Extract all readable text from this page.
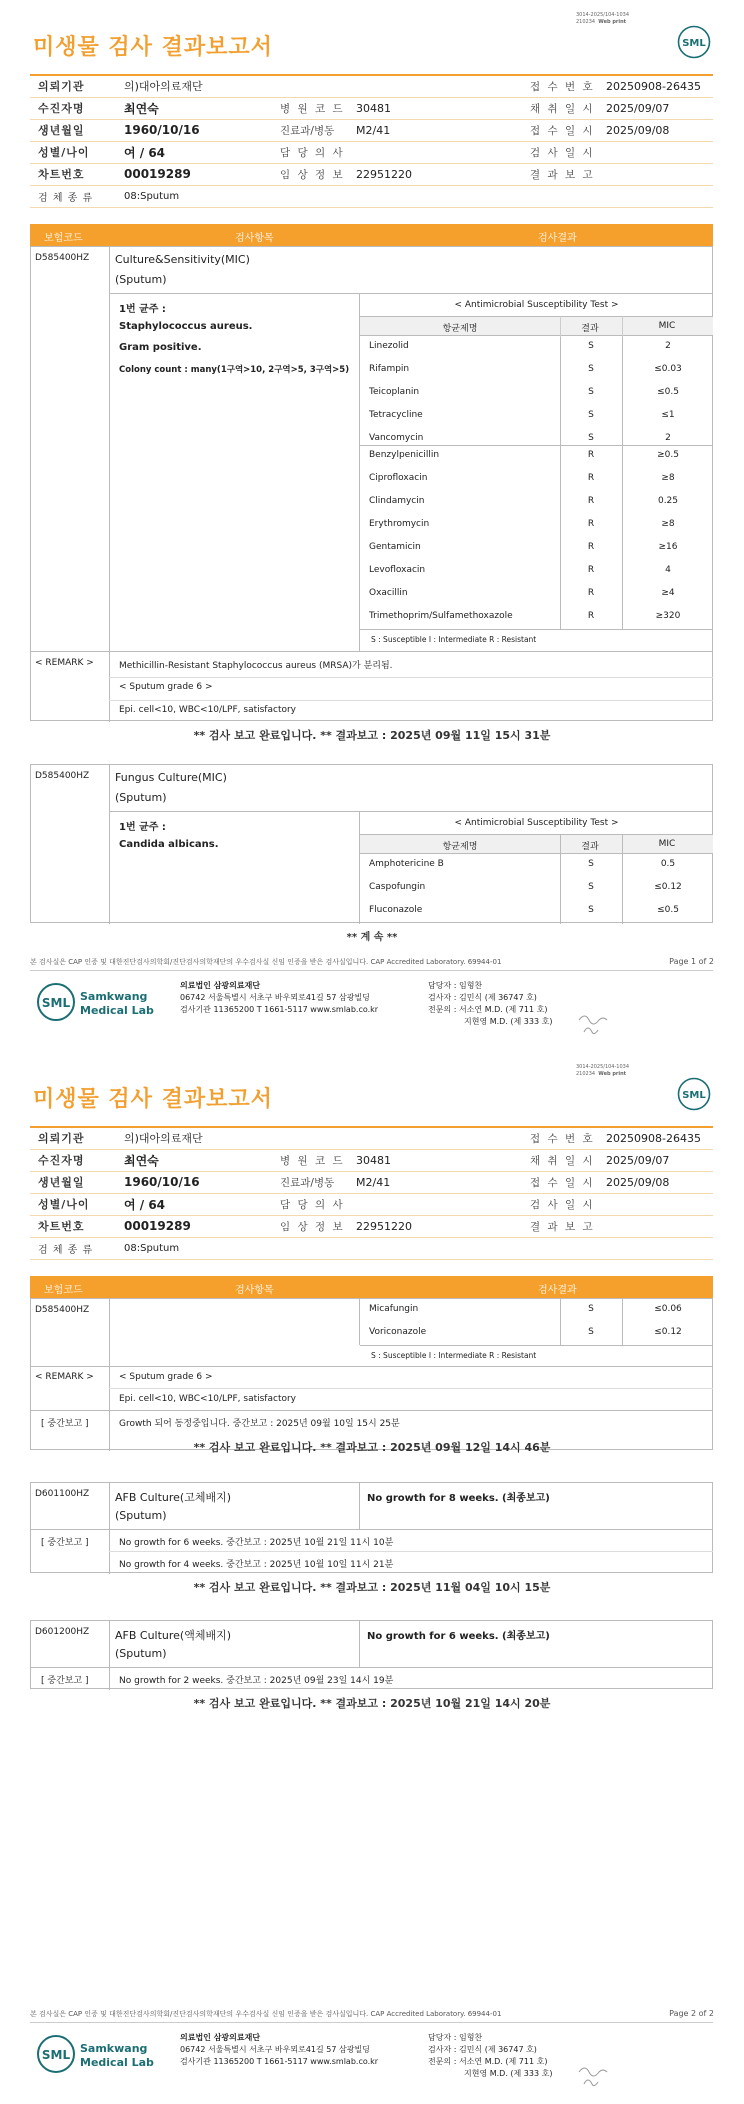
3014-2025/104-1034
210234 Web print
미생물 검사 결과보고서	SML
의뢰기관	의)대아의료재단			접 수 번 호	20250908-26435
수진자명	최연숙	병 원 코 드	30481	채 취 일 시	2025/09/07
생년월일	1960/10/16	진료과/병동	M2/41	접 수 일 시	2025/09/08
성별/나이	여 / 64	담 당 의 사		검 사 일 시	
차트번호	00019289	임 상 정 보	22951220	결 과 보 고	
검 체 종 류	08:Sputum				
보험코드	검사항목	검사결과
D585400HZ Culture&Sensitivity(MIC)
(Sputum)
1번 균주 :
Staphylococcus aureus.
Gram positive.
Colony count : many(1구역>10, 2구역>5, 3구역>5)
< Antimicrobial Susceptibility Test >
항균제명	결과	MIC
Linezolid	S	2
Rifampin	S	≤0.03
Teicoplanin	S	≤0.5
Tetracycline	S	≤1
Vancomycin	S	2
Benzylpenicillin	R	≥0.5
Ciprofloxacin	R	≥8
Clindamycin	R	0.25
Erythromycin	R	≥8
Gentamicin	R	≥16
Levofloxacin	R	4
Oxacillin	R	≥4
Trimethoprim/Sulfamethoxazole	R	≥320
S : Susceptible I : Intermediate R : Resistant
< REMARK >	Methicillin-Resistant Staphylococcus aureus (MRSA)가 분리됨.
< Sputum grade 6 >
Epi. cell<10, WBC<10/LPF, satisfactory
** 검사 보고 완료입니다. ** 결과보고 : 2025년 09월 11일 15시 31분
D585400HZ Fungus Culture(MIC)
(Sputum)
1번 균주 :
Candida albicans.
< Antimicrobial Susceptibility Test >
항균제명	결과	MIC
Amphotericine B	S	0.5
Caspofungin	S	≤0.12
Fluconazole	S	≤0.5
** 계 속 **
본 검사실은 CAP 인증 및 대한진단검사의학회/진단검사의학재단의 우수검사실 신임 인증을 받은 검사실입니다. CAP Accredited Laboratory. 69944-01	Page 1 of 2
SML Samkwang
Medical Lab
의료법인 삼광의료재단
06742 서울특별시 서초구 바우뫼로41길 57 삼광빌딩
검사기관 11365200 T 1661-5117 www.smlab.co.kr
담당자 : 임형찬
검사자 : 김민식 (제 36747 호)
전문의 : 서소연 M.D. (제 711 호)
지현영 M.D. (제 333 호)
3014-2025/104-1034
210234 Web print
미생물 검사 결과보고서	SML
의뢰기관	의)대아의료재단			접 수 번 호	20250908-26435
수진자명	최연숙	병 원 코 드	30481	채 취 일 시	2025/09/07
생년월일	1960/10/16	진료과/병동	M2/41	접 수 일 시	2025/09/08
성별/나이	여 / 64	담 당 의 사		검 사 일 시	
차트번호	00019289	임 상 정 보	22951220	결 과 보 고	
검 체 종 류	08:Sputum				
보험코드	검사항목	검사결과
D585400HZ	Micafungin	S	≤0.06
Voriconazole	S	≤0.12
S : Susceptible I : Intermediate R : Resistant
< REMARK >	< Sputum grade 6 >
Epi. cell<10, WBC<10/LPF, satisfactory
[ 중간보고 ]	Growth 되어 동정중입니다. 중간보고 : 2025년 09월 10일 15시 25분
** 검사 보고 완료입니다. ** 결과보고 : 2025년 09월 12일 14시 46분
D601100HZ AFB Culture(고체배지)
(Sputum)
No growth for 8 weeks. (최종보고)
[ 중간보고 ]	No growth for 6 weeks. 중간보고 : 2025년 10월 21일 11시 10분
No growth for 4 weeks. 중간보고 : 2025년 10월 10일 11시 21분
** 검사 보고 완료입니다. ** 결과보고 : 2025년 11월 04일 10시 15분
D601200HZ AFB Culture(액체배지)
(Sputum)
No growth for 6 weeks. (최종보고)
[ 중간보고 ]	No growth for 2 weeks. 중간보고 : 2025년 09월 23일 14시 19분
** 검사 보고 완료입니다. ** 결과보고 : 2025년 10월 21일 14시 20분
본 검사실은 CAP 인증 및 대한진단검사의학회/진단검사의학재단의 우수검사실 신임 인증을 받은 검사실입니다. CAP Accredited Laboratory. 69944-01	Page 2 of 2
SML Samkwang
Medical Lab
의료법인 삼광의료재단
06742 서울특별시 서초구 바우뫼로41길 57 삼광빌딩
검사기관 11365200 T 1661-5117 www.smlab.co.kr
담당자 : 임형찬
검사자 : 김민식 (제 36747 호)
전문의 : 서소연 M.D. (제 711 호)
지현영 M.D. (제 333 호)
